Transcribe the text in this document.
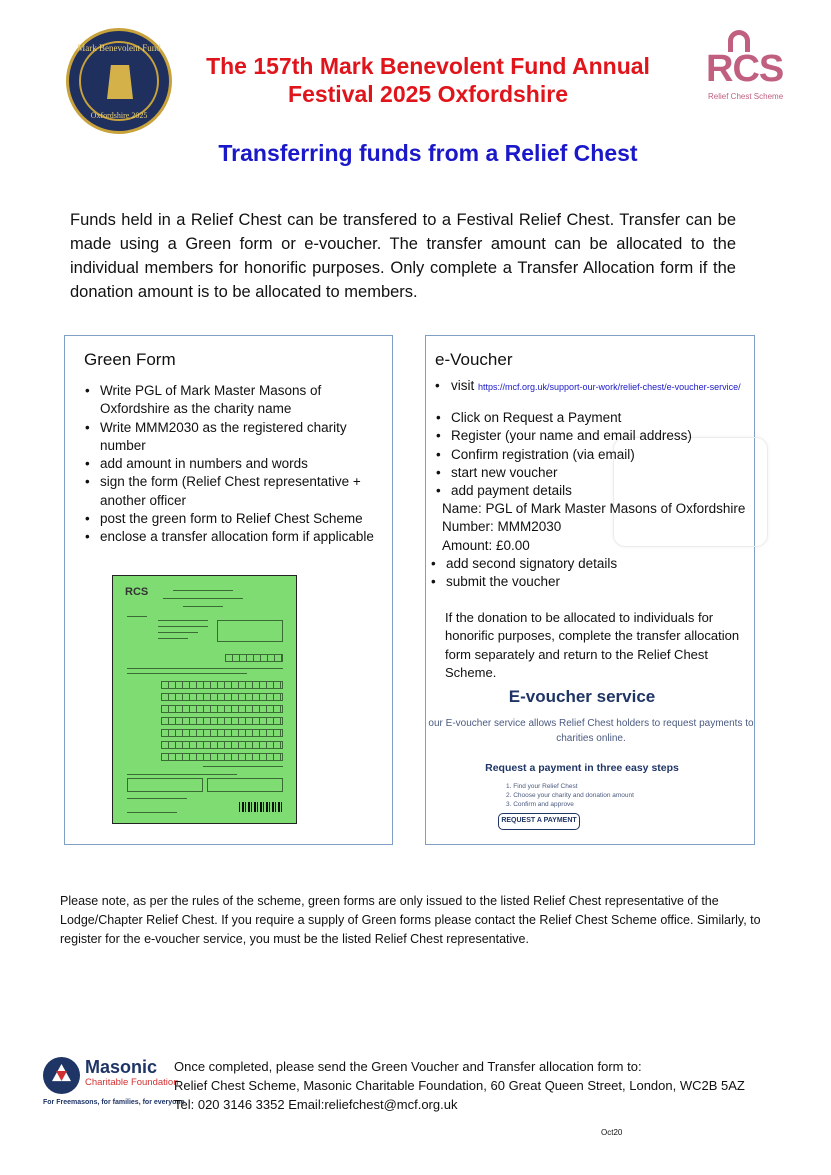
Mark Benevolent Fund
Oxfordshire 2025
The 157th Mark Benevolent Fund Annual
Festival 2025 Oxfordshire
RCS
Relief Chest Scheme
Transferring funds from a Relief Chest
Funds held in a Relief Chest can be transfered to a Festival Relief Chest. Transfer can be made using a Green form or e-voucher. The transfer amount can be allocated to the individual members for honorific purposes. Only complete a Transfer Allocation form if the donation amount is to be allocated to members.
Green Form
• Write PGL of Mark Master Masons of Oxfordshire as the charity name
• Write MMM2030 as the registered charity number
• add amount in numbers and words
• sign the form (Relief Chest representative + another officer
• post the green form to Relief Chest Scheme
• enclose a transfer allocation form if applicable
RCS
e-Voucher
• visit https://mcf.org.uk/support-our-work/relief-chest/e-voucher-service/
• Click on Request a Payment
• Register (your name and email address)
• Confirm registration (via email)
• start new voucher
• add payment details
Name: PGL of Mark Master Masons of Oxfordshire
Number: MMM2030
Amount: £0.00
• add second signatory details
• submit the voucher
If the donation to be allocated to individuals for honorific purposes, complete the transfer allocation form separately and return to the Relief Chest Scheme.
E-voucher service
our E-voucher service allows Relief Chest holders to request payments to
charities online.
Request a payment in three easy steps
1. Find your Relief Chest
2. Choose your charity and donation amount
3. Confirm and approve
REQUEST A PAYMENT
Please note, as per the rules of the scheme, green forms are only issued to the listed Relief Chest representative of the Lodge/Chapter Relief Chest. If you require a supply of Green forms please contact the Relief Chest Scheme office. Similarly, to register for the e-voucher service, you must be the listed Relief Chest representative.
Masonic
Charitable Foundation
For Freemasons, for families, for everyone
Once completed, please send the Green Voucher and Transfer allocation form to:
Relief Chest Scheme, Masonic Charitable Foundation, 60 Great Queen Street, London, WC2B 5AZ
Tel: 020 3146 3352 Email:reliefchest@mcf.org.uk
Oct20
